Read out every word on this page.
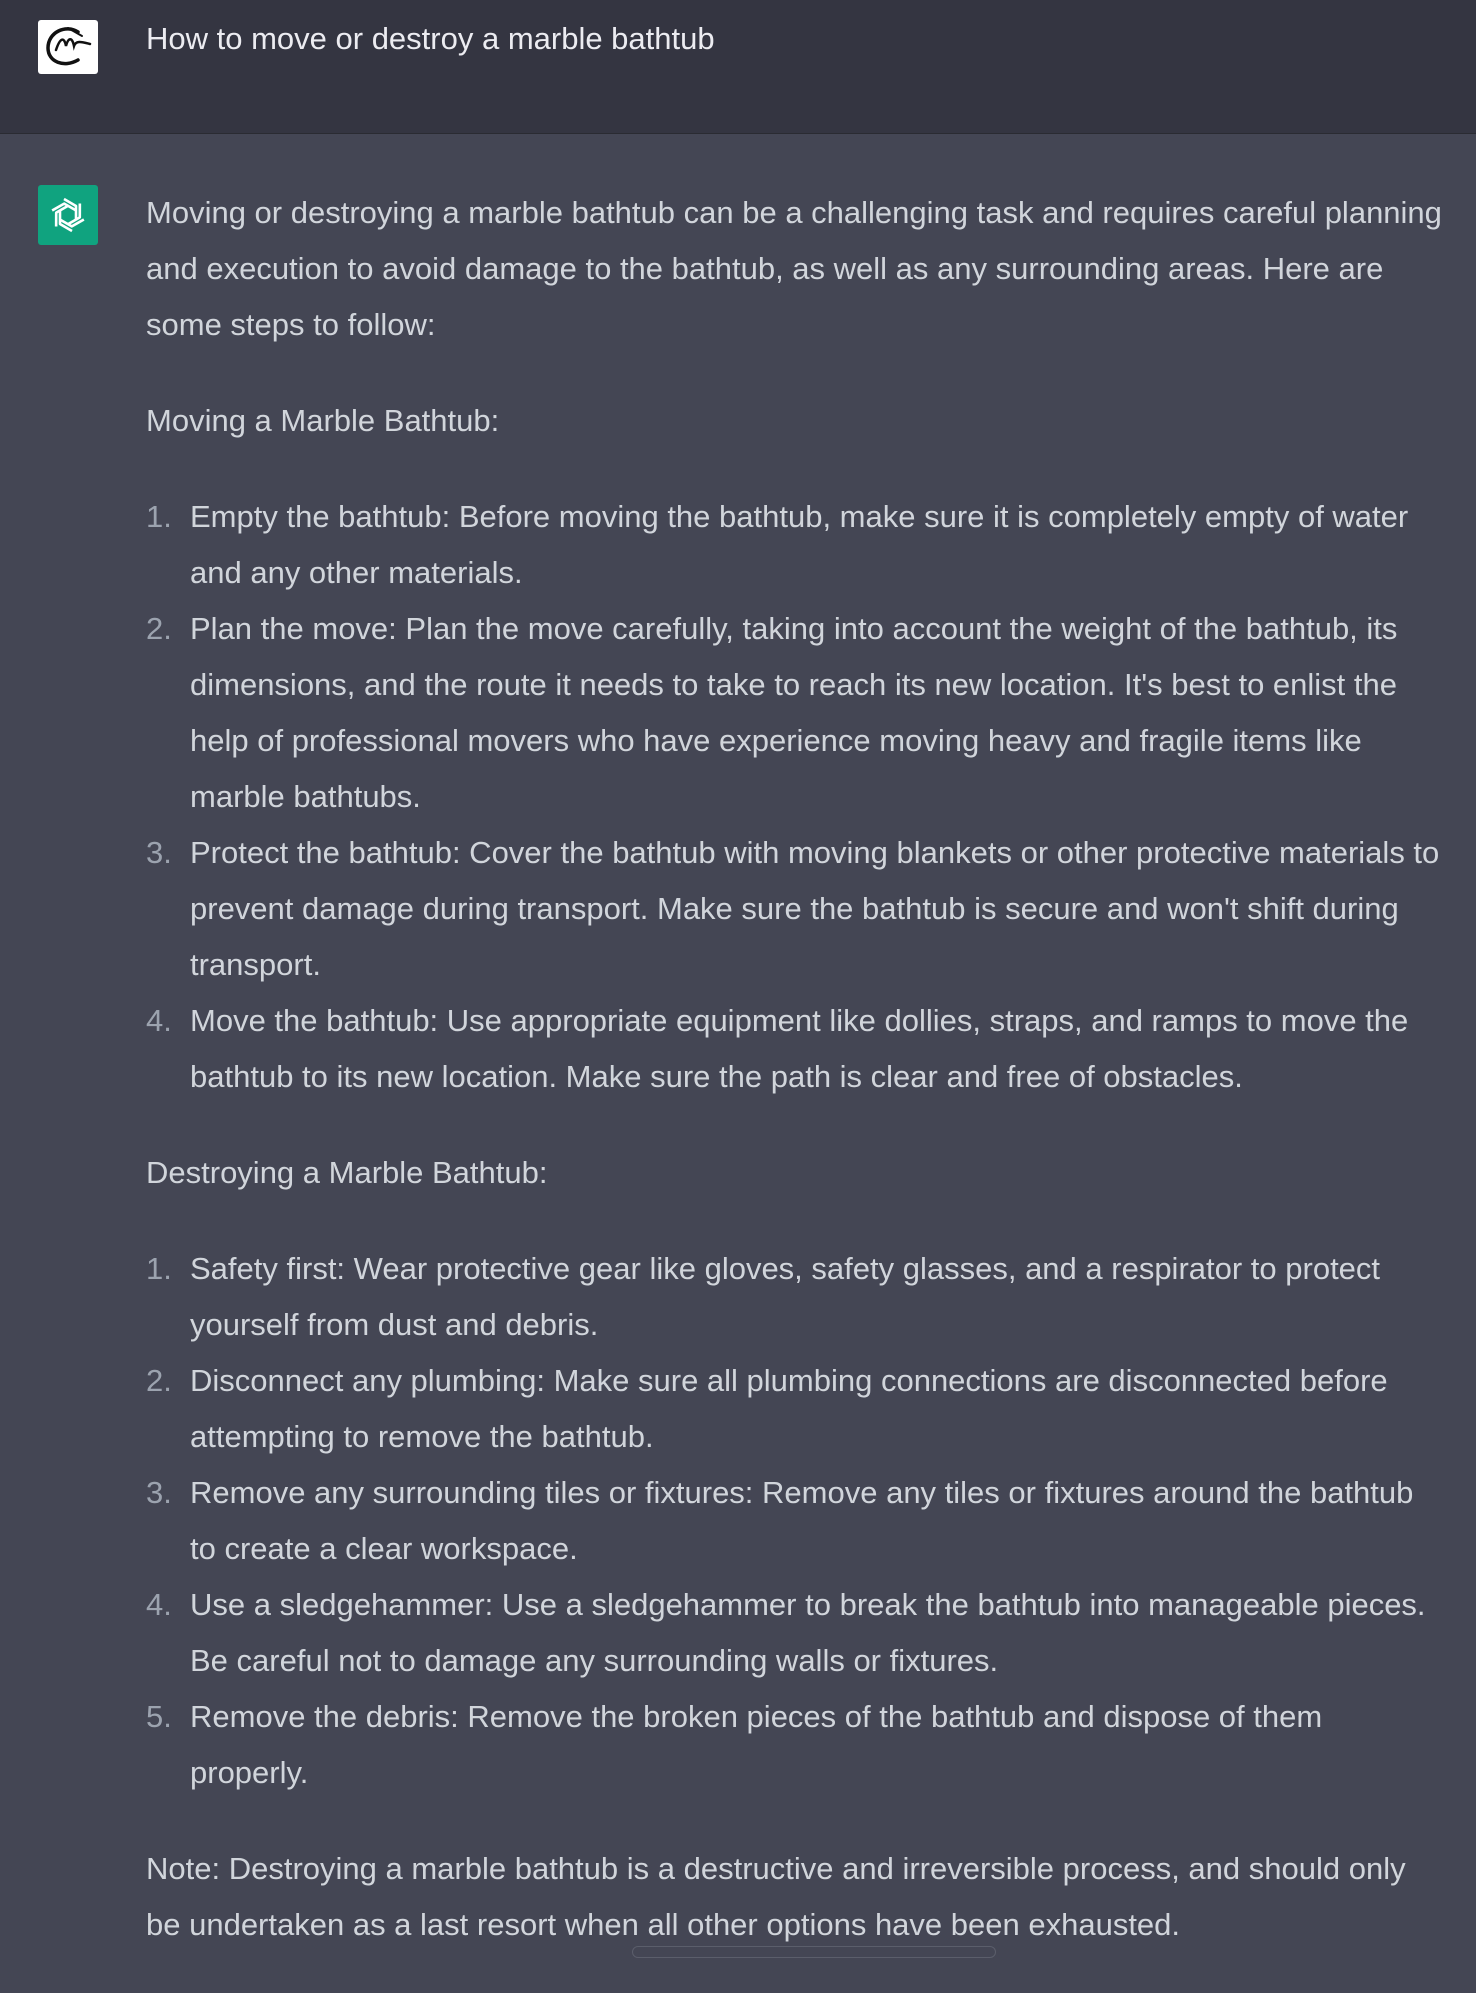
How to move or destroy a marble bathtub

Moving or destroying a marble bathtub can be a challenging task and requires careful planning and execution to avoid damage to the bathtub, as well as any surrounding areas. Here are some steps to follow:

Moving a Marble Bathtub:

1. Empty the bathtub: Before moving the bathtub, make sure it is completely empty of water and any other materials.
2. Plan the move: Plan the move carefully, taking into account the weight of the bathtub, its dimensions, and the route it needs to take to reach its new location. It's best to enlist the help of professional movers who have experience moving heavy and fragile items like marble bathtubs.
3. Protect the bathtub: Cover the bathtub with moving blankets or other protective materials to prevent damage during transport. Make sure the bathtub is secure and won't shift during transport.
4. Move the bathtub: Use appropriate equipment like dollies, straps, and ramps to move the bathtub to its new location. Make sure the path is clear and free of obstacles.

Destroying a Marble Bathtub:

1. Safety first: Wear protective gear like gloves, safety glasses, and a respirator to protect yourself from dust and debris.
2. Disconnect any plumbing: Make sure all plumbing connections are disconnected before attempting to remove the bathtub.
3. Remove any surrounding tiles or fixtures: Remove any tiles or fixtures around the bathtub to create a clear workspace.
4. Use a sledgehammer: Use a sledgehammer to break the bathtub into manageable pieces. Be careful not to damage any surrounding walls or fixtures.
5. Remove the debris: Remove the broken pieces of the bathtub and dispose of them properly.

Note: Destroying a marble bathtub is a destructive and irreversible process, and should only be undertaken as a last resort when all other options have been exhausted.
